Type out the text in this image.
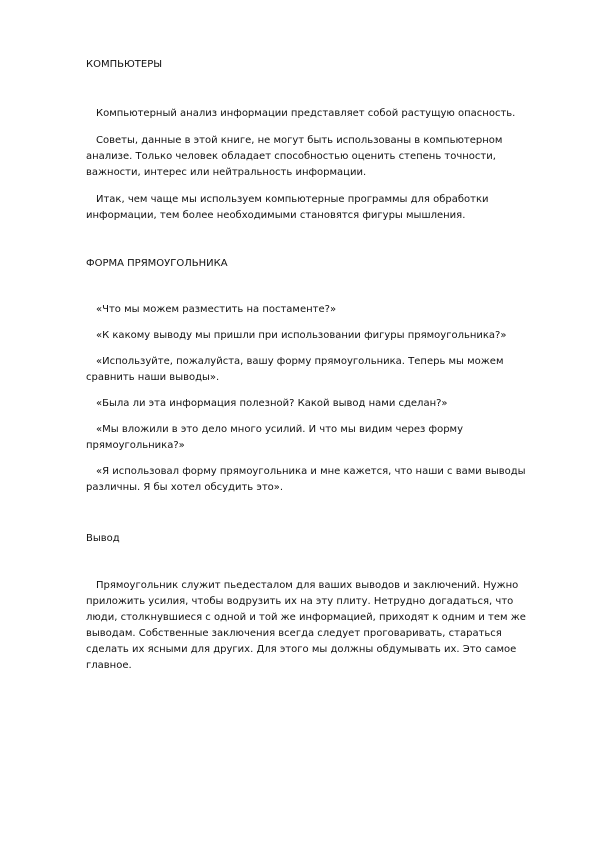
КОМПЬЮТЕРЫ

Компьютерный анализ информации представляет собой растущую опасность.

Советы, данные в этой книге, не могут быть использованы в компьютерном анализе. Только человек обладает способностью оценить степень точности, важности, интерес или нейтральность информации.

Итак, чем чаще мы используем компьютерные программы для обработки информации, тем более необходимыми становятся фигуры мышления.

ФОРМА ПРЯМОУГОЛЬНИКА

«Что мы можем разместить на постаменте?»

«К какому выводу мы пришли при использовании фигуры прямоугольника?»

«Используйте, пожалуйста, вашу форму прямоугольника. Теперь мы можем сравнить наши выводы».

«Была ли эта информация полезной? Какой вывод нами сделан?»

«Мы вложили в это дело много усилий. И что мы видим через форму прямоугольника?»

«Я использовал форму прямоугольника и мне кажется, что наши с вами выводы различны. Я бы хотел обсудить это».

Вывод

Прямоугольник служит пьедесталом для ваших выводов и заключений. Нужно приложить усилия, чтобы водрузить их на эту плиту. Нетрудно догадаться, что люди, столкнувшиеся с одной и той же информацией, приходят к одним и тем же выводам. Собственные заключения всегда следует проговаривать, стараться сделать их ясными для других. Для этого мы должны обдумывать их. Это самое главное.
